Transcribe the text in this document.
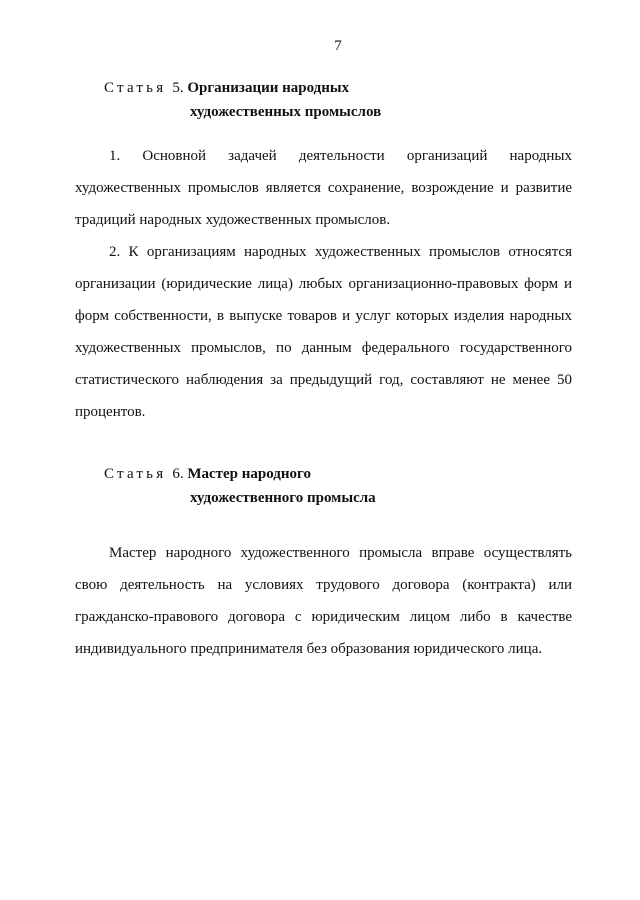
7
Статья 5. Организации народных
художественных промыслов

1.    Основной    задачей    деятельности    организаций    народных художественных промыслов является сохранение, возрождение и развитие традиций народных художественных промыслов.

2. К организациям народных художественных промыслов относятся организации (юридические лица) любых организационно-правовых форм и форм собственности, в выпуске товаров и услуг которых изделия народных художественных промыслов, по данным федерального государственного статистического наблюдения за предыдущий год, составляют не менее 50 процентов.

Статья 6. Мастер народного
художественного промысла

Мастер народного художественного промысла вправе осуществлять свою деятельность на условиях трудового договора (контракта) или гражданско-правового договора с юридическим лицом либо в качестве индивидуального предпринимателя без образования юридического лица.
